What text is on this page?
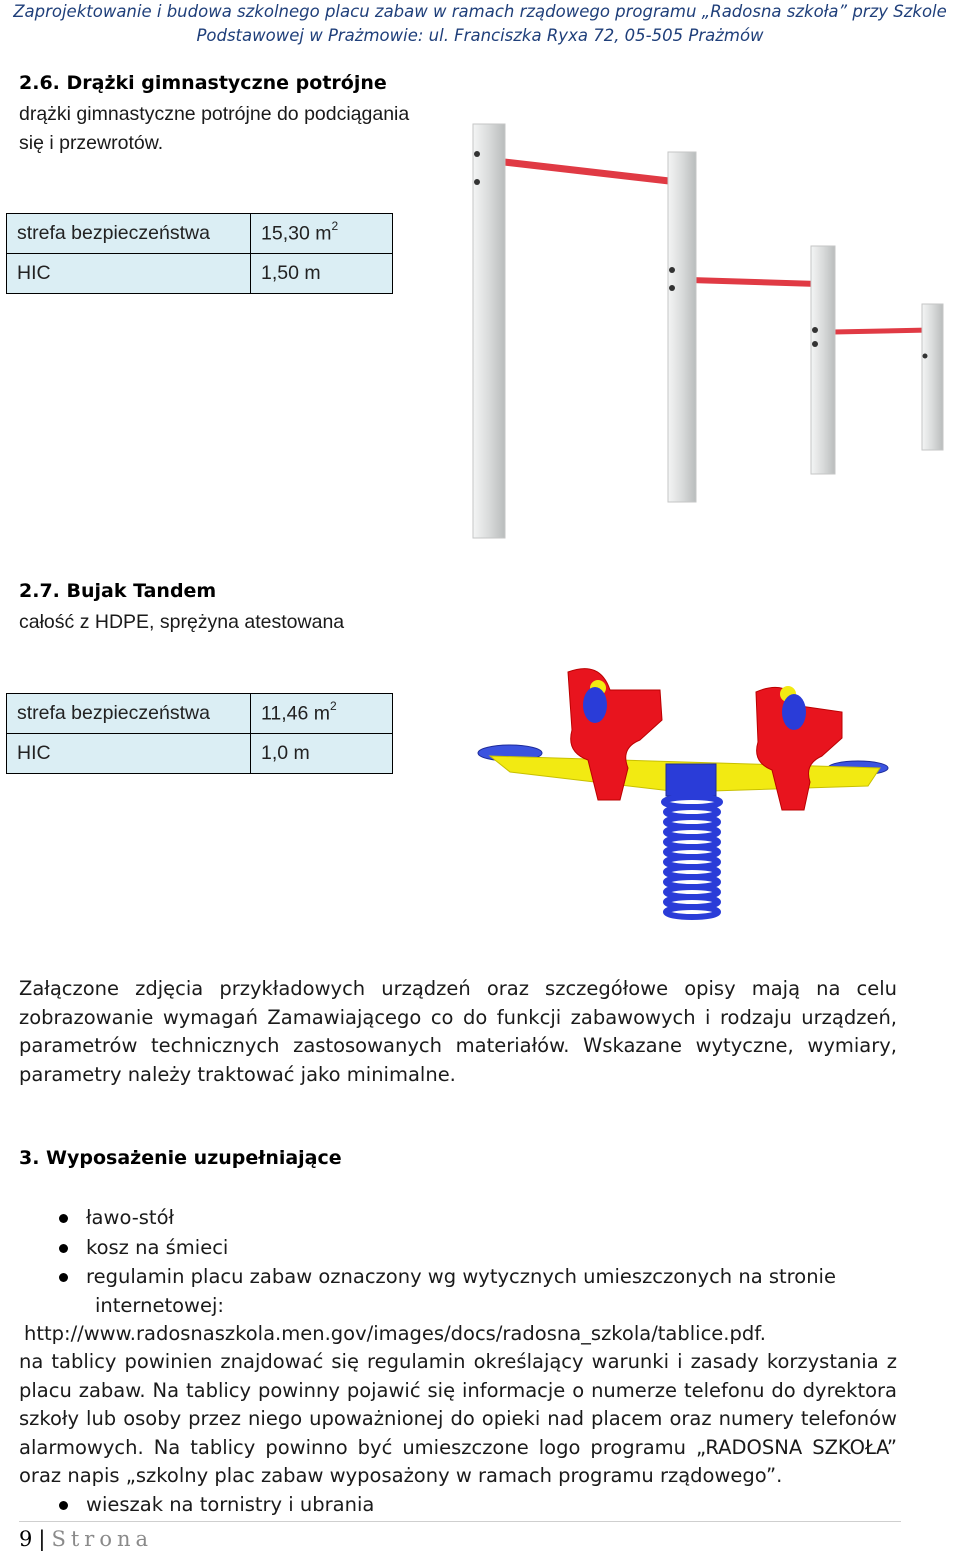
Zaprojektowanie i budowa szkolnego placu zabaw w ramach rządowego programu „Radosna szkoła” przy Szkole
Podstawowej w Prażmowie: ul. Franciszka Ryxa 72, 05-505 Prażmów
2.6. Drążki gimnastyczne potrójne
drążki gimnastyczne potrójne do podciągania
się i przewrotów.
strefa bezpieczeństwa	15,30 $m^2$
HIC	1,50 m
2.7. Bujak Tandem
całość z HDPE, sprężyna atestowana
strefa bezpieczeństwa	11,46 $m^2$
HIC	1,0 m
Załączone zdjęcia przykładowych urządzeń oraz szczegółowe opisy mają na celu zobrazowanie wymagań Zamawiającego co do funkcji zabawowych i rodzaju urządzeń, parametrów technicznych zastosowanych materiałów. Wskazane wytyczne, wymiary, parametry należy traktować jako minimalne.
3. Wyposażenie uzupełniające
ławo-stół
kosz na śmieci
regulamin placu zabaw oznaczony wg wytycznych umieszczonych na stronie
internetowej:
http://www.radosnaszkola.men.gov/images/docs/radosna_szkola/tablice.pdf.
na tablicy powinien znajdować się regulamin określający warunki i zasady korzystania z placu zabaw. Na tablicy powinny pojawić się informacje o numerze telefonu do dyrektora szkoły lub osoby przez niego upoważnionej do opieki nad placem oraz numery telefonów alarmowych. Na tablicy powinno być umieszczone logo programu „RADOSNA SZKOŁA” oraz napis „szkolny plac zabaw wyposażony w ramach programu rządowego”.
wieszak na tornistry i ubrania
9 | Strona
